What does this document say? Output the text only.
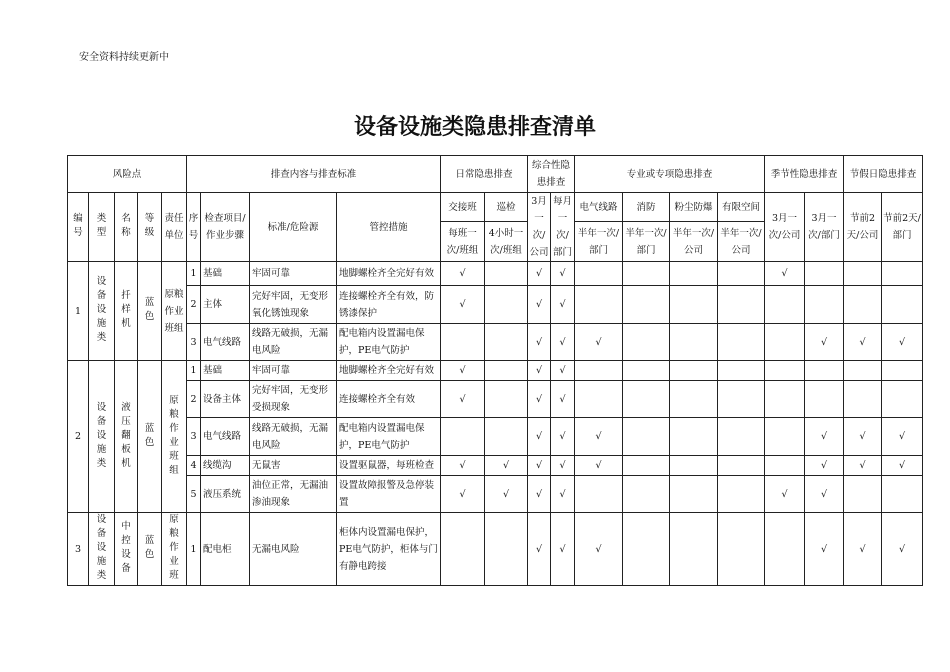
安全资料持续更新中
设备设施类隐患排查清单
风险点					排查内容与排查标准				日常隐患排查		综合性隐患排查		专业或专项隐患排查				季节性隐患排查		节假日隐患排查	
编号	类型	名称	等级	责任单位	序号	检查项目/作业步骤	标准/危险源	管控措施	交接班	巡检	3月一次/公司	每月一次/部门	电气线路	消防	粉尘防爆	有限空间	3月一次/公司	3月一次/部门	节前2天/公司	节前2天/部门
									每班一次/班组	4小时一次/班组			半年一次/部门	半年一次/部门	半年一次/公司	半年一次/公司				
1	设备设施类	扦样机	蓝色	原粮作业班组	1	基础	牢固可靠	地脚螺栓齐全完好有效	√		√	√					√			
					2	主体	完好牢固，无变形氧化锈蚀现象	连接螺栓齐全有效，防锈漆保护	√		√	√								
					3	电气线路	线路无破损，无漏电风险	配电箱内设置漏电保护，PE电气防护			√	√	√					√	√	√
2	设备设施类	液压翻板机	蓝色	原粮作业班组	1	基础	牢固可靠	地脚螺栓齐全完好有效	√		√	√								
					2	设备主体	完好牢固，无变形受损现象	连接螺栓齐全有效	√		√	√								
					3	电气线路	线路无破损，无漏电风险	配电箱内设置漏电保护，PE电气防护			√	√	√					√	√	√
					4	线缆沟	无鼠害	设置驱鼠器，每班检查	√	√	√	√	√					√	√	√
					5	液压系统	油位正常，无漏油渗油现象	设置故障报警及急停装置	√	√	√	√					√	√		
3	设备设施类	中控设备	蓝色	原粮作业班	1	配电柜	无漏电风险	柜体内设置漏电保护，PE电气防护，柜体与门有静电跨接			√	√	√					√	√	√
